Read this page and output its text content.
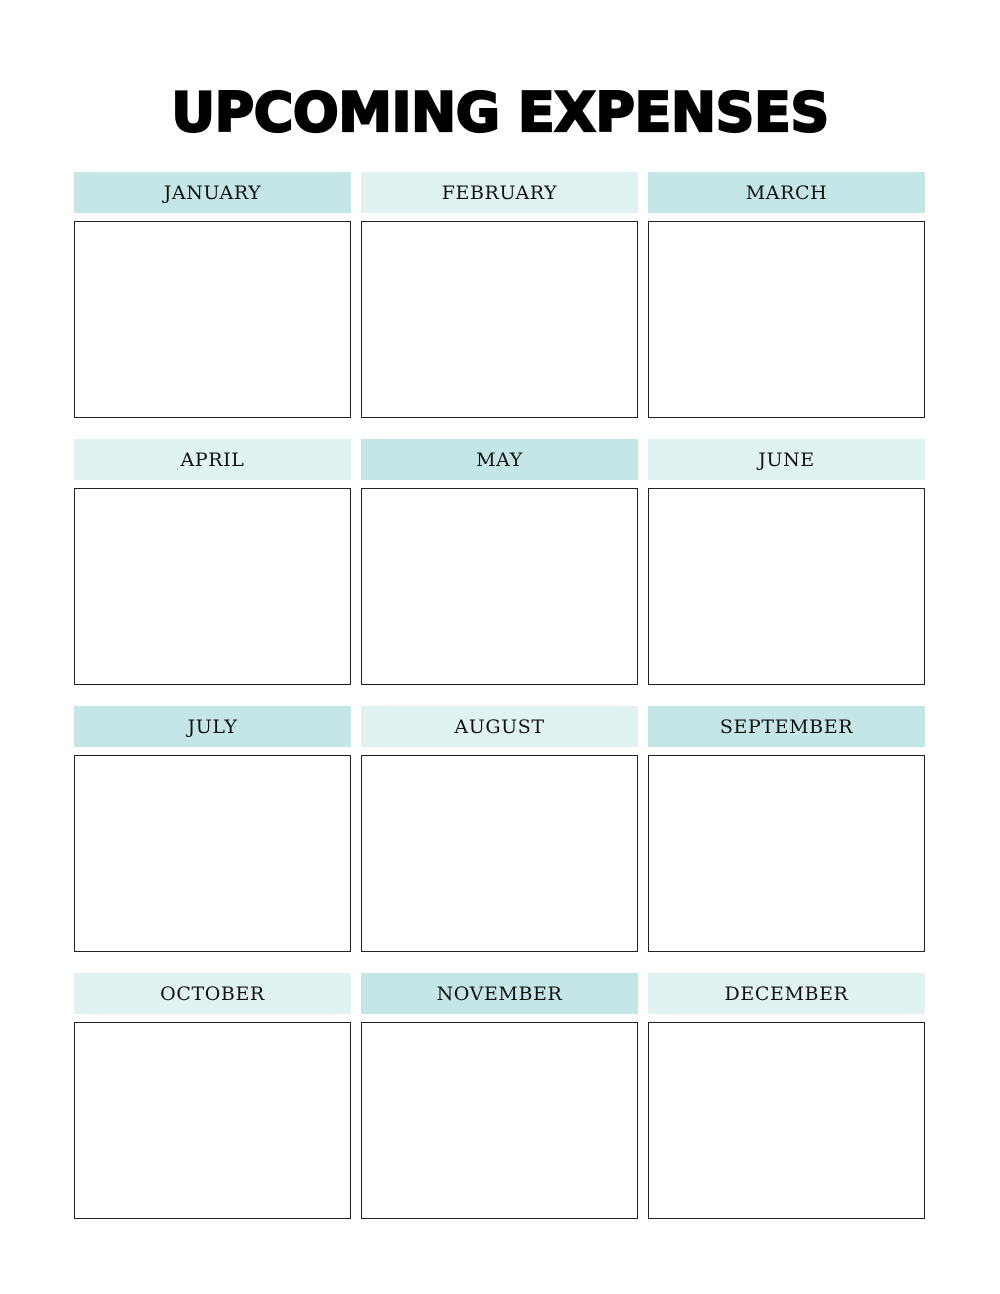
UPCOMING EXPENSES
JANUARY	FEBRUARY	MARCH
APRIL	MAY	JUNE
JULY	AUGUST	SEPTEMBER
OCTOBER	NOVEMBER	DECEMBER
